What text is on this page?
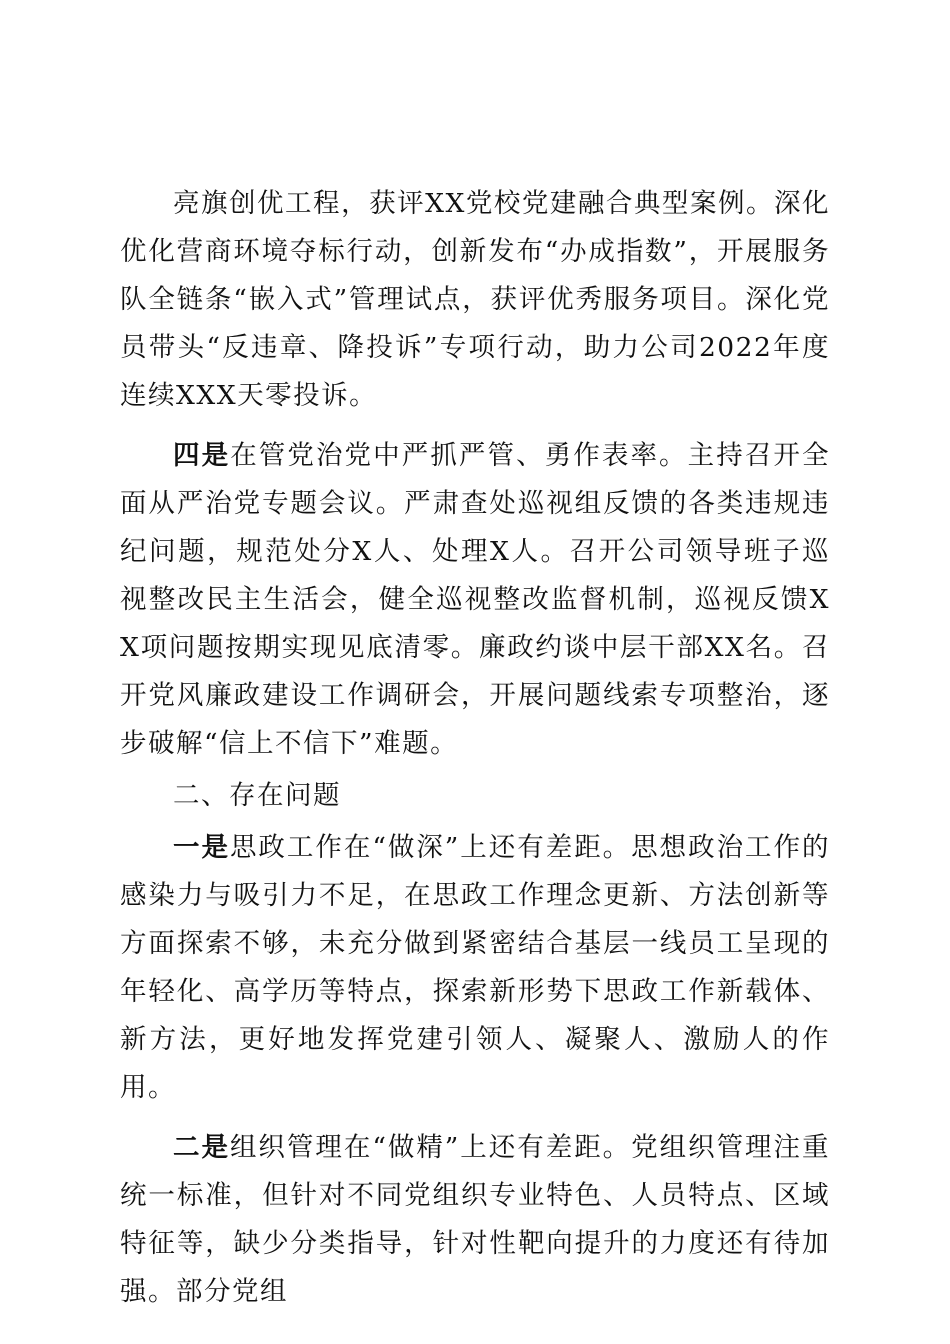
亮旗创优工程，获评XX党校党建融合典型案例。深化优化营商环境夺标行动，创新发布“办成指数”，开展服务队全链条“嵌入式”管理试点，获评优秀服务项目。深化党员带头“反违章、降投诉”专项行动，助力公司2022年度连续XXX天零投诉。

四是在管党治党中严抓严管、勇作表率。主持召开全面从严治党专题会议。严肃查处巡视组反馈的各类违规违纪问题，规范处分X人、处理X人。召开公司领导班子巡视整改民主生活会，健全巡视整改监督机制，巡视反馈XX项问题按期实现见底清零。廉政约谈中层干部XX名。召开党风廉政建设工作调研会，开展问题线索专项整治，逐步破解“信上不信下”难题。

二、存在问题

一是思政工作在“做深”上还有差距。思想政治工作的感染力与吸引力不足，在思政工作理念更新、方法创新等方面探索不够，未充分做到紧密结合基层一线员工呈现的年轻化、高学历等特点，探索新形势下思政工作新载体、新方法，更好地发挥党建引领人、凝聚人、激励人的作用。

二是组织管理在“做精”上还有差距。党组织管理注重统一标准，但针对不同党组织专业特色、人员特点、区域特征等，缺少分类指导，针对性靶向提升的力度还有待加强。部分党组
